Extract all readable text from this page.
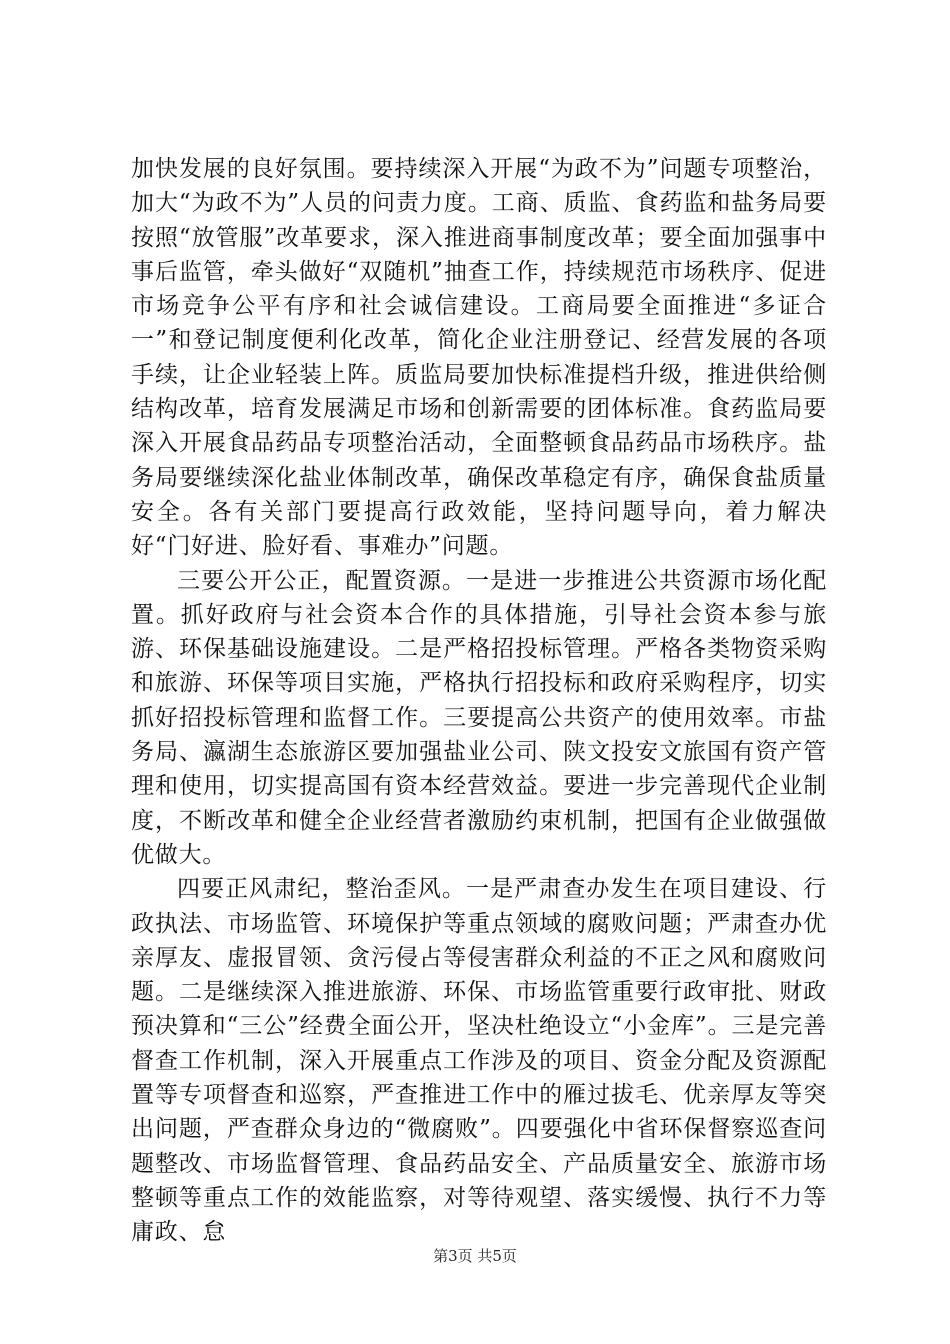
加快发展的良好氛围。要持续深入开展“为政不为”问题专项整治，加大“为政不为”人员的问责力度。工商、质监、食药监和盐务局要按照“放管服”改革要求，深入推进商事制度改革；要全面加强事中事后监管，牵头做好“双随机”抽查工作，持续规范市场秩序、促进市场竞争公平有序和社会诚信建设。工商局要全面推进“多证合一”和登记制度便利化改革，简化企业注册登记、经营发展的各项手续，让企业轻装上阵。质监局要加快标准提档升级，推进供给侧结构改革，培育发展满足市场和创新需要的团体标准。食药监局要深入开展食品药品专项整治活动，全面整顿食品药品市场秩序。盐务局要继续深化盐业体制改革，确保改革稳定有序，确保食盐质量安全。各有关部门要提高行政效能，坚持问题导向，着力解决好“门好进、脸好看、事难办”问题。

三要公开公正，配置资源。一是进一步推进公共资源市场化配置。抓好政府与社会资本合作的具体措施，引导社会资本参与旅游、环保基础设施建设。二是严格招投标管理。严格各类物资采购和旅游、环保等项目实施，严格执行招投标和政府采购程序，切实抓好招投标管理和监督工作。三要提高公共资产的使用效率。市盐务局、瀛湖生态旅游区要加强盐业公司、陕文投安文旅国有资产管理和使用，切实提高国有资本经营效益。要进一步完善现代企业制度，不断改革和健全企业经营者激励约束机制，把国有企业做强做优做大。

四要正风肃纪，整治歪风。一是严肃查办发生在项目建设、行政执法、市场监管、环境保护等重点领域的腐败问题；严肃查办优亲厚友、虚报冒领、贪污侵占等侵害群众利益的不正之风和腐败问题。二是继续深入推进旅游、环保、市场监管重要行政审批、财政预决算和“三公”经费全面公开，坚决杜绝设立“小金库”。三是完善督查工作机制，深入开展重点工作涉及的项目、资金分配及资源配置等专项督查和巡察，严查推进工作中的雁过拔毛、优亲厚友等突出问题，严查群众身边的“微腐败”。四要强化中省环保督察巡查问题整改、市场监督管理、食品药品安全、产品质量安全、旅游市场整顿等重点工作的效能监察，对等待观望、落实缓慢、执行不力等庸政、怠

第3页 共5页
